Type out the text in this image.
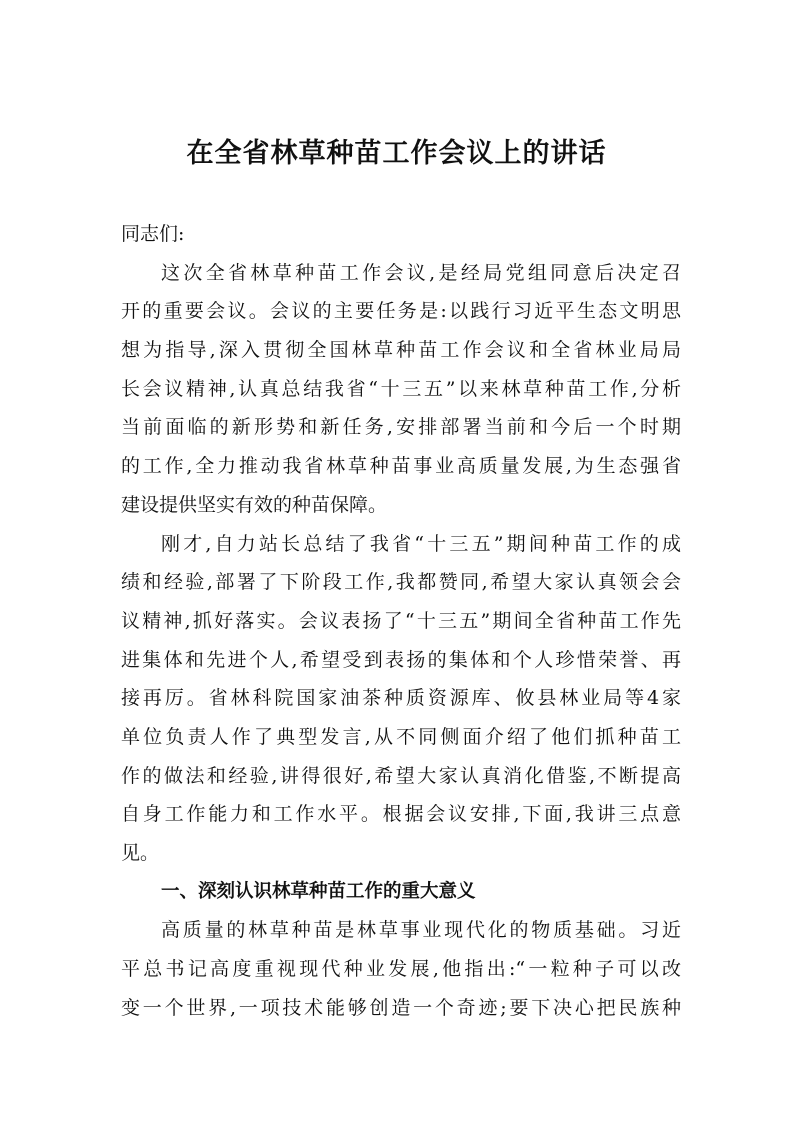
在全省林草种苗工作会议上的讲话

同志们:

这次全省林草种苗工作会议,是经局党组同意后决定召

开的重要会议。会议的主要任务是:以践行习近平生态文明思

想为指导,深入贯彻全国林草种苗工作会议和全省林业局局

长会议精神,认真总结我省“十三五”以来林草种苗工作,分析

当前面临的新形势和新任务,安排部署当前和今后一个时期

的工作,全力推动我省林草种苗事业高质量发展,为生态强省

建设提供坚实有效的种苗保障。

刚才,自力站长总结了我省“十三五”期间种苗工作的成

绩和经验,部署了下阶段工作,我都赞同,希望大家认真领会会

议精神,抓好落实。会议表扬了“十三五”期间全省种苗工作先

进集体和先进个人,希望受到表扬的集体和个人珍惜荣誉、再

接再厉。省林科院国家油茶种质资源库、攸县林业局等4家

单位负责人作了典型发言,从不同侧面介绍了他们抓种苗工

作的做法和经验,讲得很好,希望大家认真消化借鉴,不断提高

自身工作能力和工作水平。根据会议安排,下面,我讲三点意

见。

一、深刻认识林草种苗工作的重大意义

高质量的林草种苗是林草事业现代化的物质基础。习近

平总书记高度重视现代种业发展,他指出:“一粒种子可以改

变一个世界,一项技术能够创造一个奇迹;要下决心把民族种
